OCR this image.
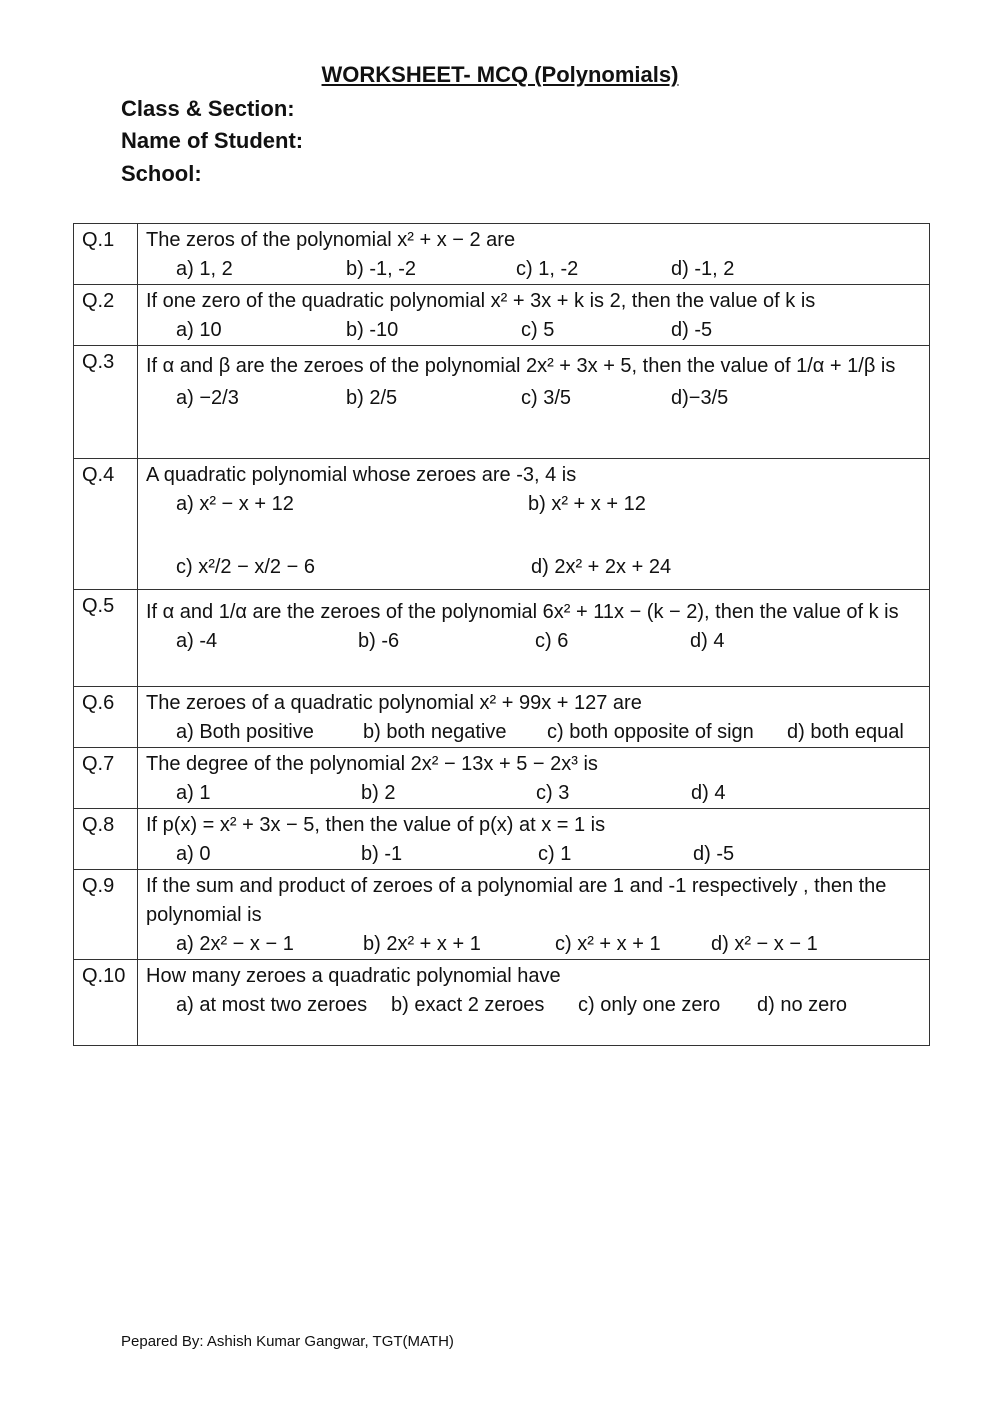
WORKSHEET- MCQ (Polynomials)
Class & Section:
Name of Student:
School:
Q.1	The zeros of the polynomial x² + x − 2 are
a) 1, 2 b) -1, -2 c) 1, -2 d) -1, 2

Q.2	If one zero of the quadratic polynomial x² + 3x + k is 2, then the value of k is
a) 10 b) -10 c) 5 d) -5

Q.3	If α and β are the zeroes of the polynomial 2x² + 3x + 5, then the value of 1/α + 1/β is
a) −2/3 b) 2/5 c) 3/5 d)−3/5

Q.4	A quadratic polynomial whose zeroes are -3, 4 is
a) x² − x + 12 b) x² + x + 12
c) x²/2 − x/2 − 6 d) 2x² + 2x + 24

Q.5	If α and 1/α are the zeroes of the polynomial 6x² + 11x − (k − 2), then the value of k is
a) -4 b) -6 c) 6 d) 4

Q.6	The zeroes of a quadratic polynomial x² + 99x + 127 are
a) Both positive b) both negative c) both opposite of sign d) both equal

Q.7	The degree of the polynomial 2x² − 13x + 5 − 2x³ is
a) 1 b) 2 c) 3 d) 4

Q.8	If p(x) = x² + 3x − 5, then the value of p(x) at x = 1 is
a) 0 b) -1 c) 1 d) -5

Q.9	If the sum and product of zeroes of a polynomial are 1 and -1 respectively , then the polynomial is
a) 2x² − x − 1 b) 2x² + x + 1 c) x² + x + 1 d) x² − x − 1

Q.10	How many zeroes a quadratic polynomial have
a) at most two zeroes b) exact 2 zeroes c) only one zero d) no zero
Pepared By: Ashish Kumar Gangwar, TGT(MATH)
